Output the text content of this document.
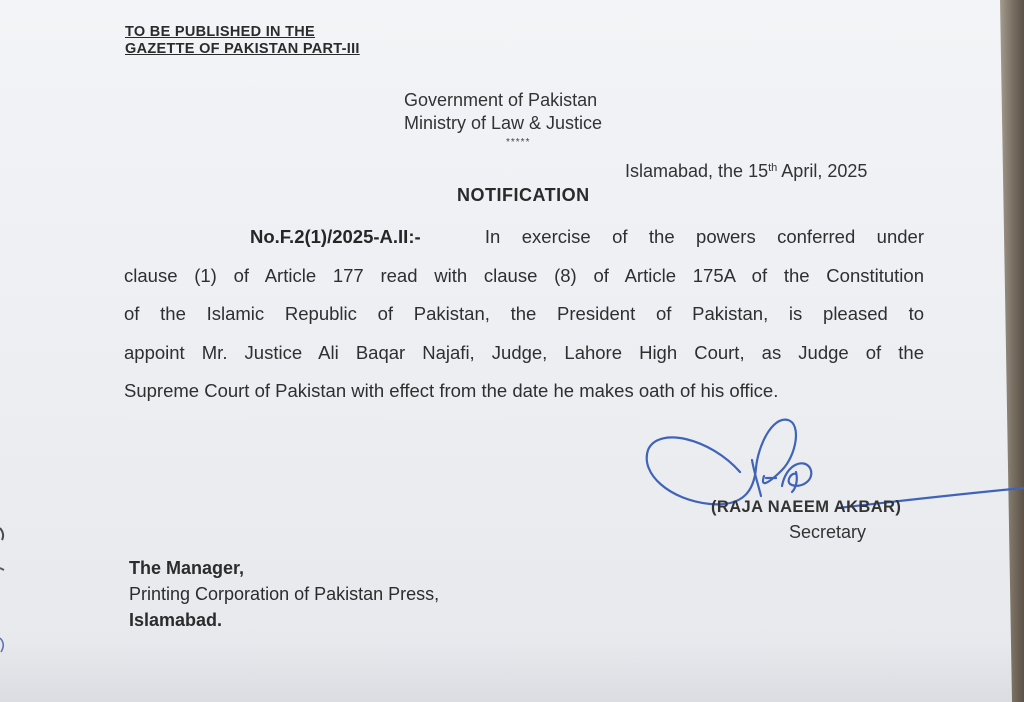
TO BE PUBLISHED IN THE

GAZETTE OF PAKISTAN PART-III

Government of Pakistan

Ministry of Law & Justice

*****

Islamabad, the 15th April, 2025

NOTIFICATION

No.F.2(1)/2025-A.II:-	In exercise of the powers conferred under
clause (1) of Article 177 read with clause (8) of Article 175A of the Constitution
of the Islamic Republic of Pakistan, the President of Pakistan, is pleased to
appoint Mr. Justice Ali Baqar Najafi, Judge, Lahore High Court, as Judge of the
Supreme Court of Pakistan with effect from the date he makes oath of his office.

(RAJA NAEEM AKBAR)

Secretary

The Manager,

Printing Corporation of Pakistan Press,

Islamabad.
